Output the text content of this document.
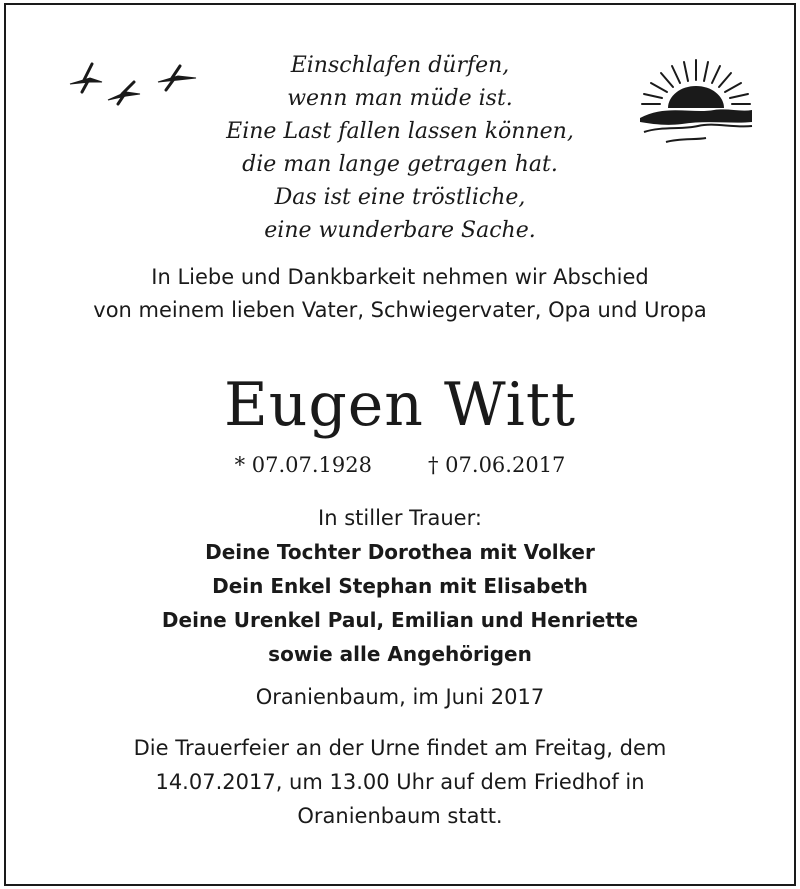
Einschlafen dürfen,
wenn man müde ist.
Eine Last fallen lassen können,
die man lange getragen hat.
Das ist eine tröstliche,
eine wunderbare Sache.
In Liebe und Dankbarkeit nehmen wir Abschied
von meinem lieben Vater, Schwiegervater, Opa und Uropa
Eugen Witt
* 07.07.1928	† 07.06.2017
In stiller Trauer:
Deine Tochter Dorothea mit Volker
Dein Enkel Stephan mit Elisabeth
Deine Urenkel Paul, Emilian und Henriette
sowie alle Angehörigen
Oranienbaum, im Juni 2017
Die Trauerfeier an der Urne findet am Freitag, dem
14.07.2017, um 13.00 Uhr auf dem Friedhof in
Oranienbaum statt.
